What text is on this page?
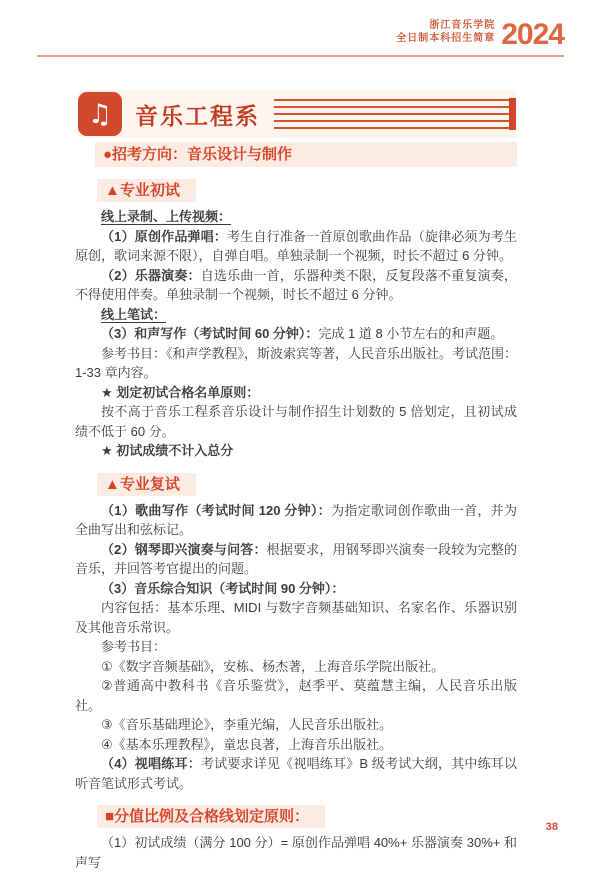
浙江音乐学院
全日制本科招生简章 2024
♫ 音乐工程系
●招考方向：音乐设计与制作
▲专业初试

线上录制、上传视频：

（1）原创作品弹唱：考生自行准备一首原创歌曲作品（旋律必须为考生原创，歌词来源不限），自弹自唱。单独录制一个视频，时长不超过 6 分钟。

（2）乐器演奏：自选乐曲一首，乐器种类不限，反复段落不重复演奏，不得使用伴奏。单独录制一个视频，时长不超过 6 分钟。

线上笔试：

（3）和声写作（考试时间 60 分钟）：完成 1 道 8 小节左右的和声题。

参考书目：《和声学教程》，斯波索宾等著，人民音乐出版社。考试范围：1-33 章内容。

★ 划定初试合格名单原则：

按不高于音乐工程系音乐设计与制作招生计划数的 5 倍划定，且初试成绩不低于 60 分。

★ 初试成绩不计入总分

▲专业复试

（1）歌曲写作（考试时间 120 分钟）：为指定歌词创作歌曲一首，并为全曲写出和弦标记。

（2）钢琴即兴演奏与问答：根据要求，用钢琴即兴演奏一段较为完整的音乐，并回答考官提出的问题。

（3）音乐综合知识（考试时间 90 分钟）：

内容包括：基本乐理、MIDI 与数字音频基础知识、名家名作、乐器识别及其他音乐常识。

参考书目：

①《数字音频基础》，安栋、杨杰著，上海音乐学院出版社。

②普通高中教科书《音乐鉴赏》，赵季平、莫蕴慧主编，人民音乐出版社。

③《音乐基础理论》，李重光编，人民音乐出版社。

④《基本乐理教程》，童忠良著，上海音乐出版社。

（4）视唱练耳：考试要求详见《视唱练耳》B 级考试大纲，其中练耳以听音笔试形式考试。

■分值比例及合格线划定原则：

（1）初试成绩（满分 100 分）= 原创作品弹唱 40%+ 乐器演奏 30%+ 和声写

38
